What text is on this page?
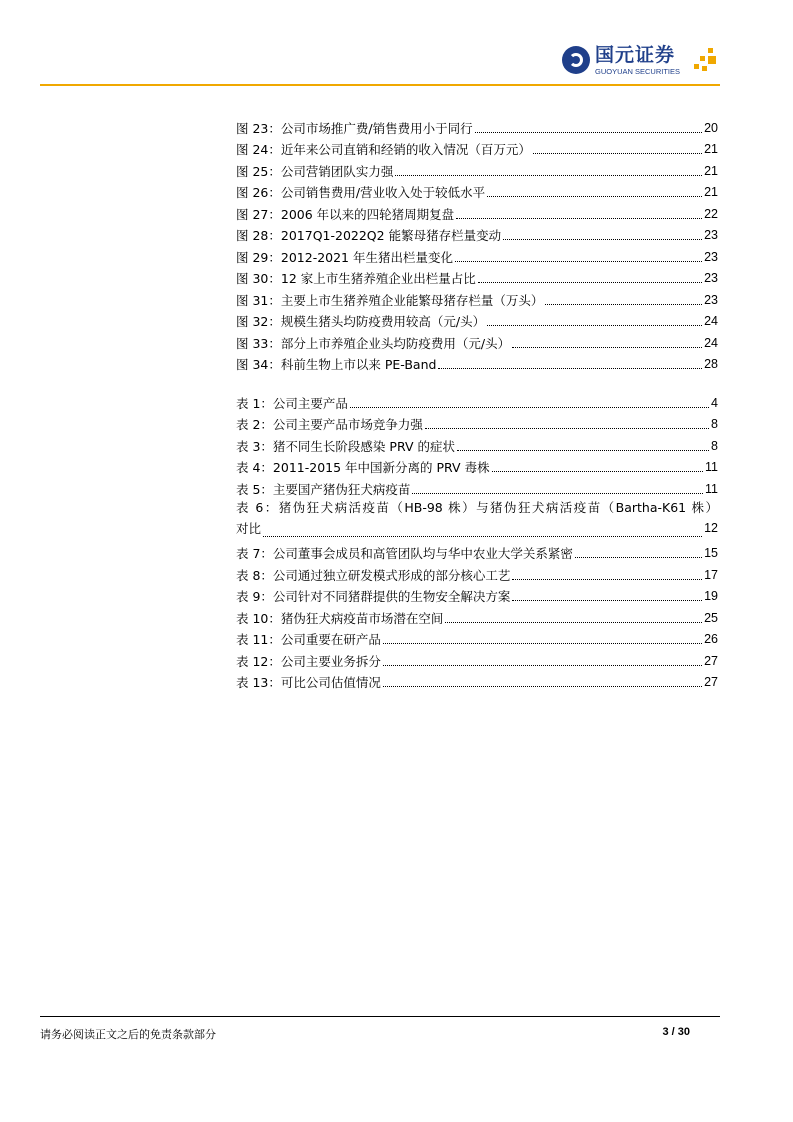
国元证券
GUOYUAN SECURITIES
图 23：公司市场推广费/销售费用小于同行	20
图 24：近年来公司直销和经销的收入情况（百万元）	21
图 25：公司营销团队实力强	21
图 26：公司销售费用/营业收入处于较低水平	21
图 27：2006 年以来的四轮猪周期复盘	22
图 28：2017Q1-2022Q2 能繁母猪存栏量变动	23
图 29：2012-2021 年生猪出栏量变化	23
图 30：12 家上市生猪养殖企业出栏量占比	23
图 31：主要上市生猪养殖企业能繁母猪存栏量（万头）	23
图 32：规模生猪头均防疫费用较高（元/头）	24
图 33：部分上市养殖企业头均防疫费用（元/头）	24
图 34：科前生物上市以来 PE-Band	28
表 1：公司主要产品	4
表 2：公司主要产品市场竞争力强	8
表 3：猪不同生长阶段感染 PRV 的症状	8
表 4：2011-2015 年中国新分离的 PRV 毒株	11
表 5：主要国产猪伪狂犬病疫苗	11
表 6：猪伪狂犬病活疫苗（HB-98 株）与猪伪狂犬病活疫苗（Bartha-K61 株）
对比	12
表 7：公司董事会成员和高管团队均与华中农业大学关系紧密	15
表 8：公司通过独立研发模式形成的部分核心工艺	17
表 9：公司针对不同猪群提供的生物安全解决方案	19
表 10：猪伪狂犬病疫苗市场潜在空间	25
表 11：公司重要在研产品	26
表 12：公司主要业务拆分	27
表 13：可比公司估值情况	27
请务必阅读正文之后的免责条款部分	3 / 30
